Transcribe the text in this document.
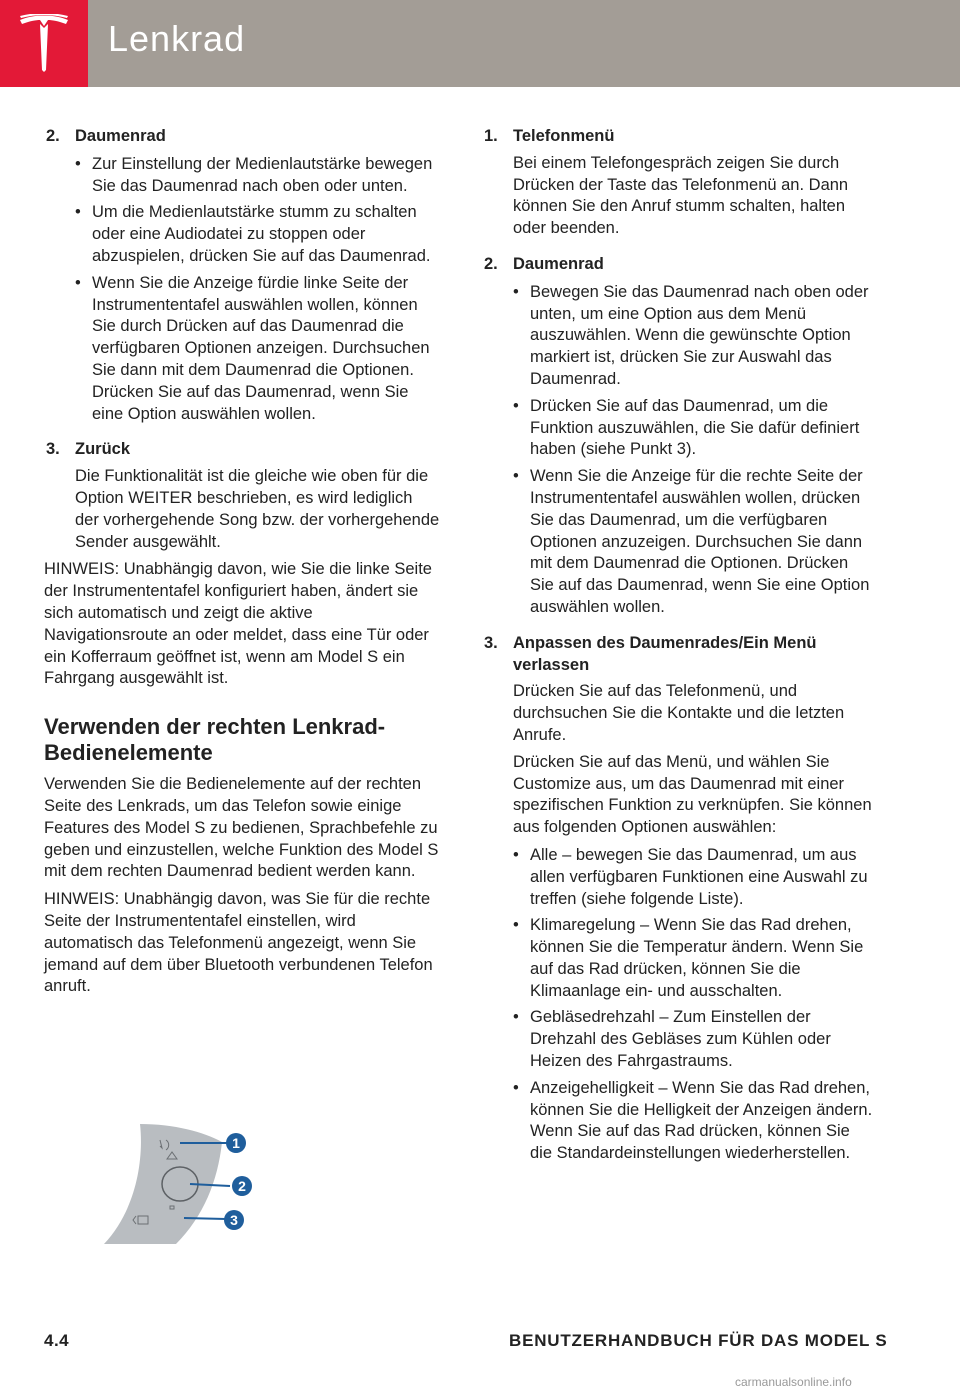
Lenkrad
2. Daumenrad
• Zur Einstellung der Medienlautstärke bewegen Sie das Daumenrad nach oben oder unten.
• Um die Medienlautstärke stumm zu schalten oder eine Audiodatei zu stoppen oder abzuspielen, drücken Sie auf das Daumenrad.
• Wenn Sie die Anzeige fürdie linke Seite der Instrumententafel auswählen wollen, können Sie durch Drücken auf das Daumenrad die verfügbaren Optionen anzeigen. Durchsuchen Sie dann mit dem Daumenrad die Optionen. Drücken Sie auf das Daumenrad, wenn Sie eine Option auswählen wollen.
3. Zurück

Die Funktionalität ist die gleiche wie oben für die Option WEITER beschrieben, es wird lediglich der vorhergehende Song bzw. der vorhergehende Sender ausgewählt.

HINWEIS: Unabhängig davon, wie Sie die linke Seite der Instrumententafel konfiguriert haben, ändert sie sich automatisch und zeigt die aktive Navigationsroute an oder meldet, dass eine Tür oder ein Kofferraum geöffnet ist, wenn am Model S ein Fahrgang ausgewählt ist.

Verwenden der rechten Lenkrad-Bedienelemente

Verwenden Sie die Bedienelemente auf der rechten Seite des Lenkrads, um das Telefon sowie einige Features des Model S zu bedienen, Sprachbefehle zu geben und einzustellen, welche Funktion des Model S mit dem rechten Daumenrad bedient werden kann.

HINWEIS: Unabhängig davon, was Sie für die rechte Seite der Instrumententafel einstellen, wird automatisch das Telefonmenü angezeigt, wenn Sie jemand auf dem über Bluetooth verbundenen Telefon anruft.

1
2
3
1. Telefonmenü

Bei einem Telefongespräch zeigen Sie durch Drücken der Taste das Telefonmenü an. Dann können Sie den Anruf stumm schalten, halten oder beenden.

2. Daumenrad
• Bewegen Sie das Daumenrad nach oben oder unten, um eine Option aus dem Menü auszuwählen. Wenn die gewünschte Option markiert ist, drücken Sie zur Auswahl das Daumenrad.
• Drücken Sie auf das Daumenrad, um die Funktion auszuwählen, die Sie dafür definiert haben (siehe Punkt 3).
• Wenn Sie die Anzeige für die rechte Seite der Instrumententafel auswählen wollen, drücken Sie das Daumenrad, um die verfügbaren Optionen anzuzeigen. Durchsuchen Sie dann mit dem Daumenrad die Optionen. Drücken Sie auf das Daumenrad, wenn Sie eine Option auswählen wollen.
3. Anpassen des Daumenrades/Ein Menü verlassen

Drücken Sie auf das Telefonmenü, und durchsuchen Sie die Kontakte und die letzten Anrufe.

Drücken Sie auf das Menü, und wählen Sie Customize aus, um das Daumenrad mit einer spezifischen Funktion zu verknüpfen. Sie können aus folgenden Optionen auswählen:

• Alle – bewegen Sie das Daumenrad, um aus allen verfügbaren Funktionen eine Auswahl zu treffen (siehe folgende Liste).
• Klimaregelung – Wenn Sie das Rad drehen, können Sie die Temperatur ändern. Wenn Sie auf das Rad drücken, können Sie die Klimaanlage ein- und ausschalten.
• Gebläsedrehzahl – Zum Einstellen der Drehzahl des Gebläses zum Kühlen oder Heizen des Fahrgastraums.
• Anzeigehelligkeit – Wenn Sie das Rad drehen, können Sie die Helligkeit der Anzeigen ändern. Wenn Sie auf das Rad drücken, können Sie die Standardeinstellungen wiederherstellen.
4.4	BENUTZERHANDBUCH FÜR DAS MODEL S
carmanualsonline.info
